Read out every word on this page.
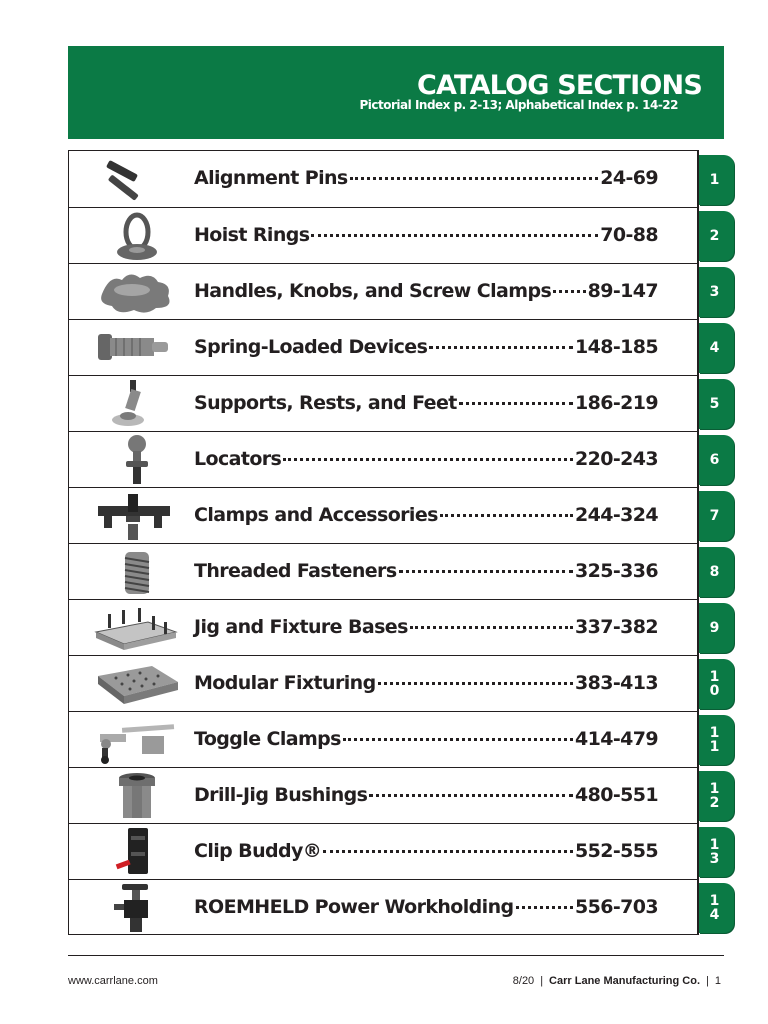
CATALOG SECTIONS
Pictorial Index p. 2-13; Alphabetical Index p. 14-22
Alignment Pins	24-69	1
Hoist Rings	70-88	2
Handles, Knobs, and Screw Clamps 89-147	3
Spring-Loaded Devices	148-185	4
Supports, Rests, and Feet	186-219	5
Locators	220-243	6
Clamps and Accessories	244-324	7
Threaded Fasteners	325-336	8
Jig and Fixture Bases	337-382	9
Modular Fixturing	383-413	10
Toggle Clamps	414-479	11
Drill-Jig Bushings	480-551	12
Clip Buddy®	552-555	13
ROEMHELD Power Workholding	556-703	14
www.carrlane.com	8/20 | Carr Lane Manufacturing Co. | 1
